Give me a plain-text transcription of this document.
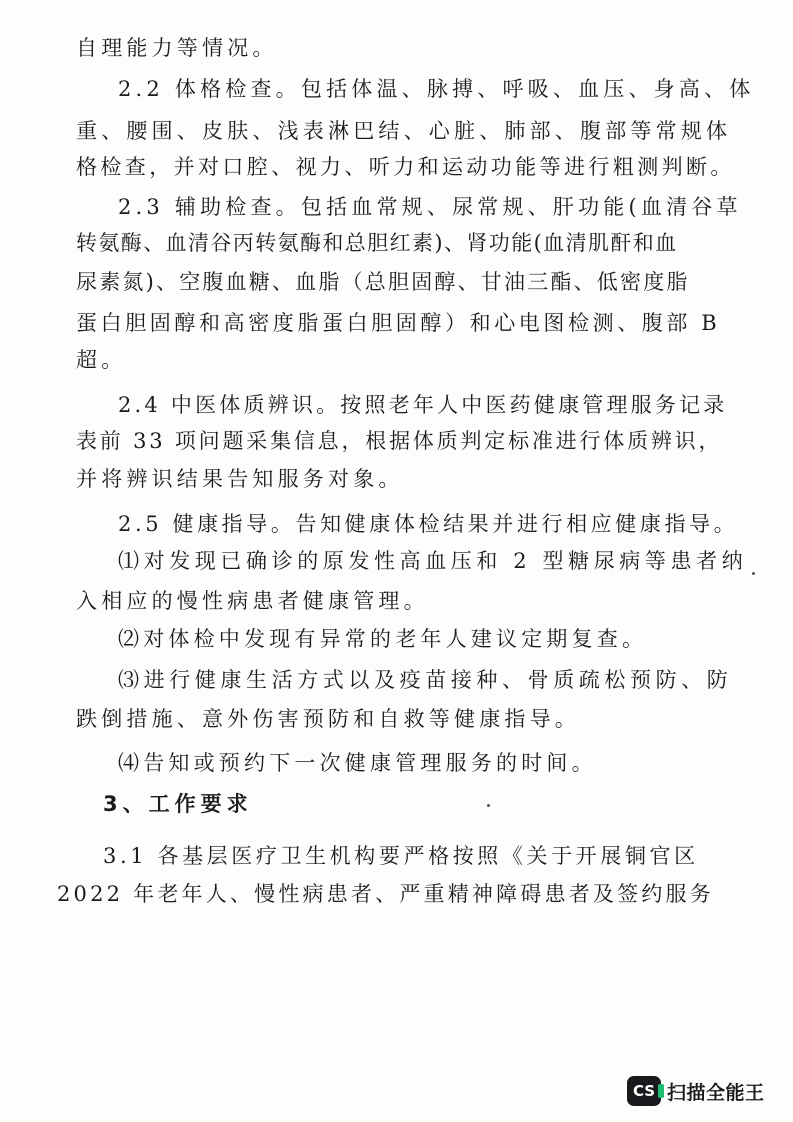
自理能力等情况。
2.2 体格检查。包括体温、脉搏、呼吸、血压、身高、体
重、腰围、皮肤、浅表淋巴结、心脏、肺部、腹部等常规体
格检查，并对口腔、视力、听力和运动功能等进行粗测判断。
2.3 辅助检查。包括血常规、尿常规、肝功能(血清谷草
转氨酶、血清谷丙转氨酶和总胆红素)、肾功能(血清肌酐和血
尿素氮)、空腹血糖、血脂（总胆固醇、甘油三酯、低密度脂
蛋白胆固醇和高密度脂蛋白胆固醇）和心电图检测、腹部 B
超。
2.4 中医体质辨识。按照老年人中医药健康管理服务记录
表前 33 项问题采集信息，根据体质判定标准进行体质辨识，
并将辨识结果告知服务对象。
2.5 健康指导。告知健康体检结果并进行相应健康指导。
⑴对发现已确诊的原发性高血压和 2 型糖尿病等患者纳
入相应的慢性病患者健康管理。
⑵对体检中发现有异常的老年人建议定期复查。
⑶进行健康生活方式以及疫苗接种、骨质疏松预防、防
跌倒措施、意外伤害预防和自救等健康指导。
⑷告知或预约下一次健康管理服务的时间。
3、工作要求
3.1 各基层医疗卫生机构要严格按照《关于开展铜官区
2022 年老年人、慢性病患者、严重精神障碍患者及签约服务
CS 扫描全能王
